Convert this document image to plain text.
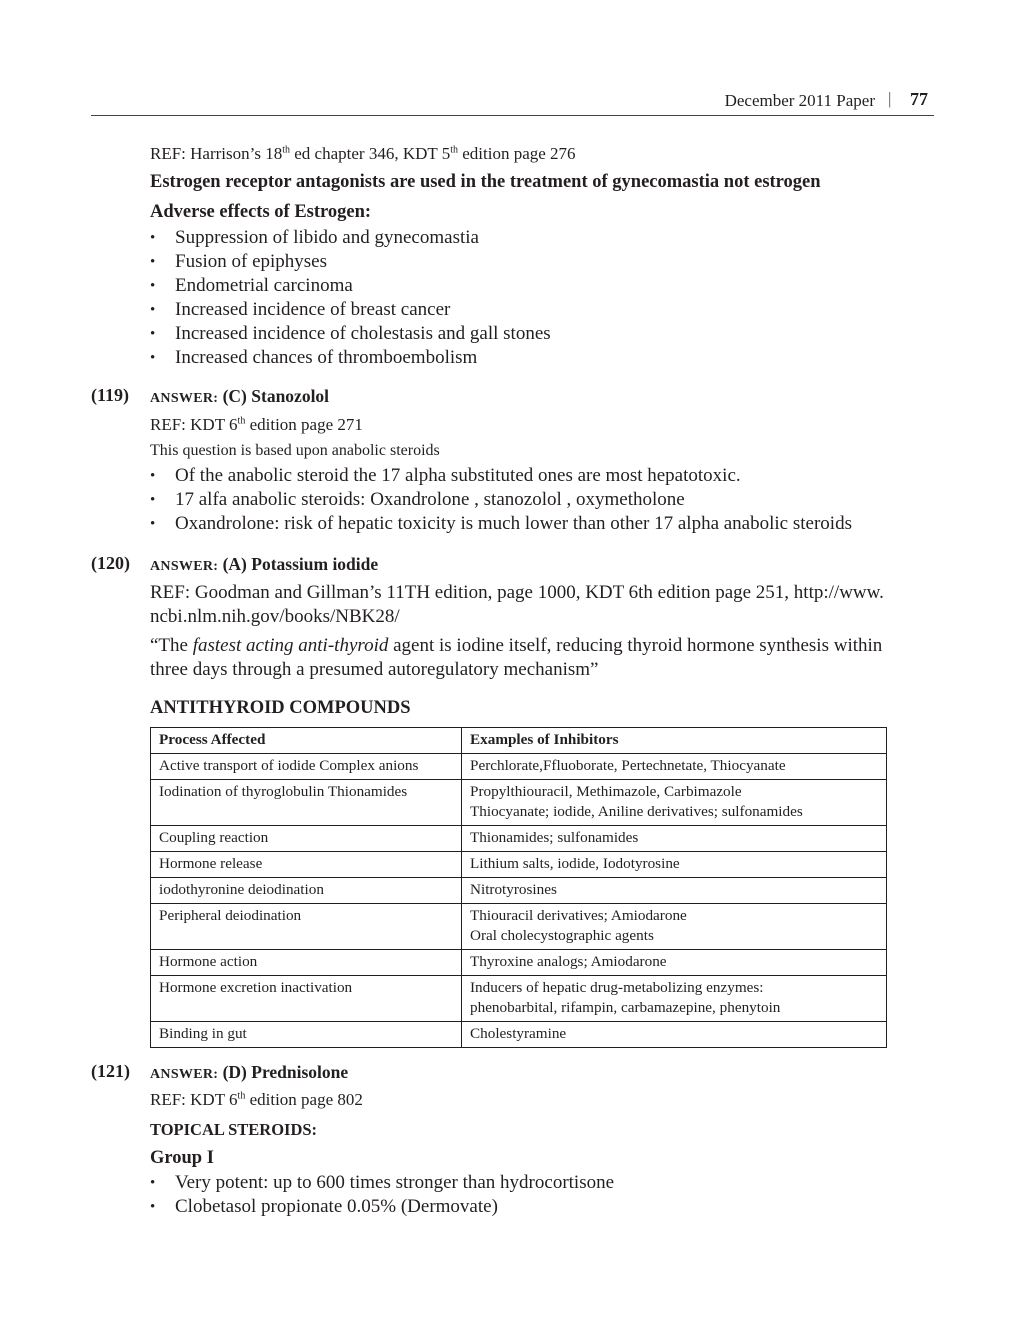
December 2011 Paper | 77
REF: Harrison’s 18th ed chapter 346, KDT 5th edition page 276
Estrogen receptor antagonists are used in the treatment of gynecomastia not estrogen
Adverse effects of Estrogen:
• Suppression of libido and gynecomastia
• Fusion of epiphyses
• Endometrial carcinoma
• Increased incidence of breast cancer
• Increased incidence of cholestasis and gall stones
• Increased chances of thromboembolism
(119) ANSWER: (C) Stanozolol
REF: KDT 6th edition page 271
This question is based upon anabolic steroids
• Of the anabolic steroid the 17 alpha substituted ones are most hepatotoxic.
• 17 alfa anabolic steroids: Oxandrolone , stanozolol , oxymetholone
• Oxandrolone: risk of hepatic toxicity is much lower than other 17 alpha anabolic steroids
(120) ANSWER: (A) Potassium iodide
REF: Goodman and Gillman’s 11TH edition, page 1000, KDT 6th edition page 251, http://www.
ncbi.nlm.nih.gov/books/NBK28/
“The fastest acting anti-thyroid agent is iodine itself, reducing thyroid hormone synthesis within
three days through a presumed autoregulatory mechanism”
ANTITHYROID COMPOUNDS
Process Affected	Examples of Inhibitors
Active transport of iodide Complex anions	Perchlorate,Ffluoborate, Pertechnetate, Thiocyanate

Iodination of thyroglobulin Thionamides	Propylthiouracil, Methimazole, Carbimazole
Thiocyanate; iodide, Aniline derivatives; sulfonamides

Coupling reaction	Thionamides; sulfonamides

Hormone release	Lithium salts, iodide, Iodotyrosine

iodothyronine deiodination	Nitrotyrosines

Peripheral deiodination	Thiouracil derivatives; Amiodarone
Oral cholecystographic agents

Hormone action	Thyroxine analogs; Amiodarone

Hormone excretion inactivation	Inducers of hepatic drug-metabolizing enzymes:
phenobarbital, rifampin, carbamazepine, phenytoin

Binding in gut	Cholestyramine
(121) ANSWER: (D) Prednisolone
REF: KDT 6th edition page 802
TOPICAL STEROIDS:
Group I
• Very potent: up to 600 times stronger than hydrocortisone
• Clobetasol propionate 0.05% (Dermovate)
